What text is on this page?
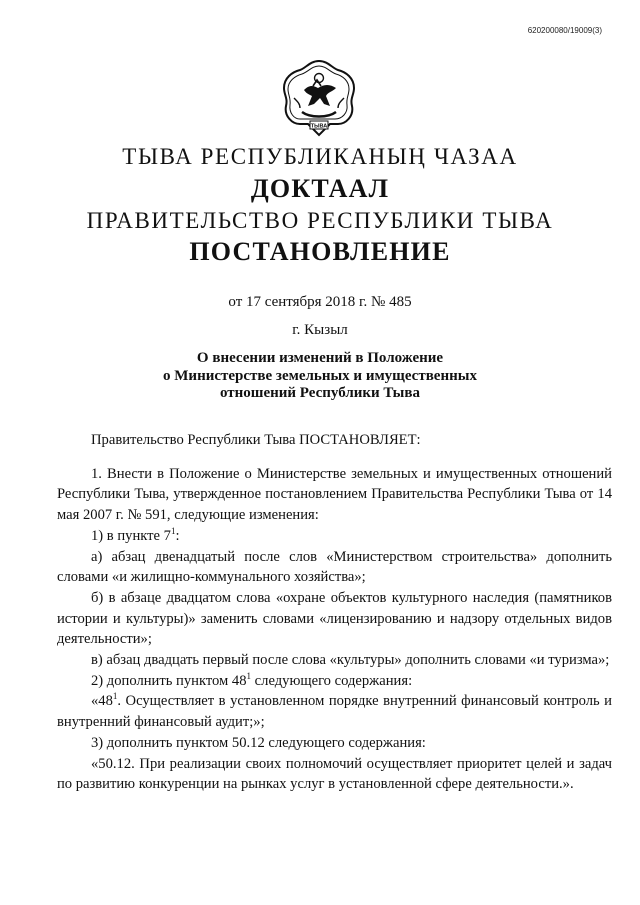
620200080/19009(3)
ТЫВА
ТЫВА РЕСПУБЛИКАНЫҢ ЧАЗАА
ДОКТААЛ
ПРАВИТЕЛЬСТВО РЕСПУБЛИКИ ТЫВА
ПОСТАНОВЛЕНИЕ
от 17 сентября 2018 г. № 485
г. Кызыл
О внесении изменений в Положение
о Министерстве земельных и имущественных
отношений Республики Тыва

Правительство Республики Тыва ПОСТАНОВЛЯЕТ:

1. Внести в Положение о Министерстве земельных и имущественных отношений Республики Тыва, утвержденное постановлением Правительства Республики Тыва от 14 мая 2007 г. № 591, следующие изменения:

1) в пункте $7^1$:

а) абзац двенадцатый после слов «Министерством строительства» дополнить словами «и жилищно-коммунального хозяйства»;

б) в абзаце двадцатом слова «охране объектов культурного наследия (памятников истории и культуры)» заменить словами «лицензированию и надзору отдельных видов деятельности»;

в) абзац двадцать первый после слова «культуры» дополнить словами «и туризма»;

2) дополнить пунктом $48^1$ следующего содержания:

«$48^1$. Осуществляет в установленном порядке внутренний финансовый контроль и внутренний финансовый аудит;»;

3) дополнить пунктом 50.12 следующего содержания:

«50.12. При реализации своих полномочий осуществляет приоритет целей и задач по развитию конкуренции на рынках услуг в установленной сфере деятельности.».
